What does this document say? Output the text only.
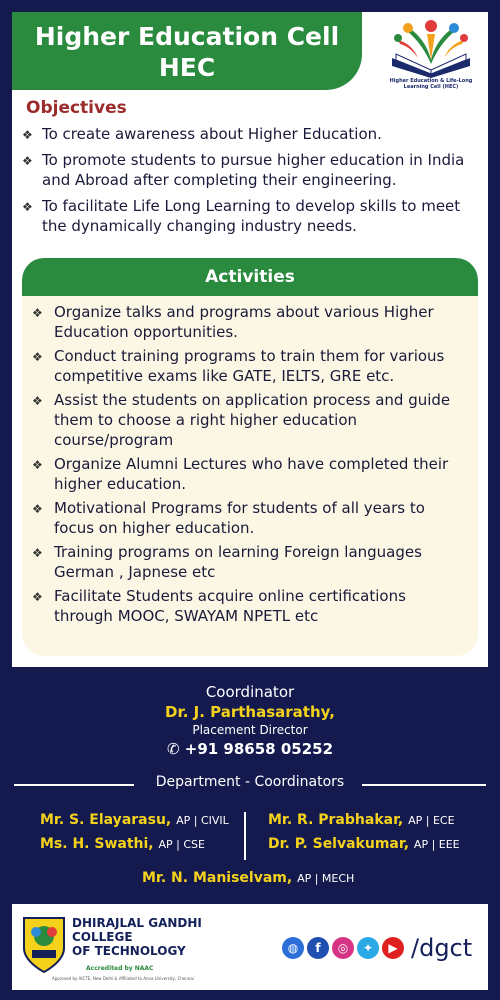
Higher Education Cell
HEC	Higher Education & Life-Long Learning Cell (HEC)
Objectives
❖ To create awareness about Higher Education.
❖ To promote students to pursue higher education in India and Abroad after completing their engineering.
❖ To facilitate Life Long Learning to develop skills to meet the dynamically changing industry needs.
Activities
❖ Organize talks and programs about various Higher Education opportunities.
❖ Conduct training programs to train them for various competitive exams like GATE, IELTS, GRE etc.
❖ Assist the students on application process and guide them to choose a right higher education course/program
❖ Organize Alumni Lectures who have completed their higher education.
❖ Motivational Programs for students of all years to focus on higher education.
❖ Training programs on learning Foreign languages German , Japnese etc
❖ Facilitate Students acquire online certifications through MOOC, SWAYAM NPETL etc
Coordinator
Dr. J. Parthasarathy,
Placement Director
✆ +91 98658 05252
Department - Coordinators
Mr. S. Elayarasu, AP | CIVIL
Ms. H. Swathi, AP | CSE
Mr. R. Prabhakar, AP | ECE
Dr. P. Selvakumar, AP | EEE
Mr. N. Maniselvam, AP | MECH
DHIRAJLAL GANDHI
COLLEGE
OF TECHNOLOGY
Accredited by NAAC
Approved by AICTE, New Delhi & Affiliated to Anna University, Chennai
◍	f	◎	✦	▶ /dgct
